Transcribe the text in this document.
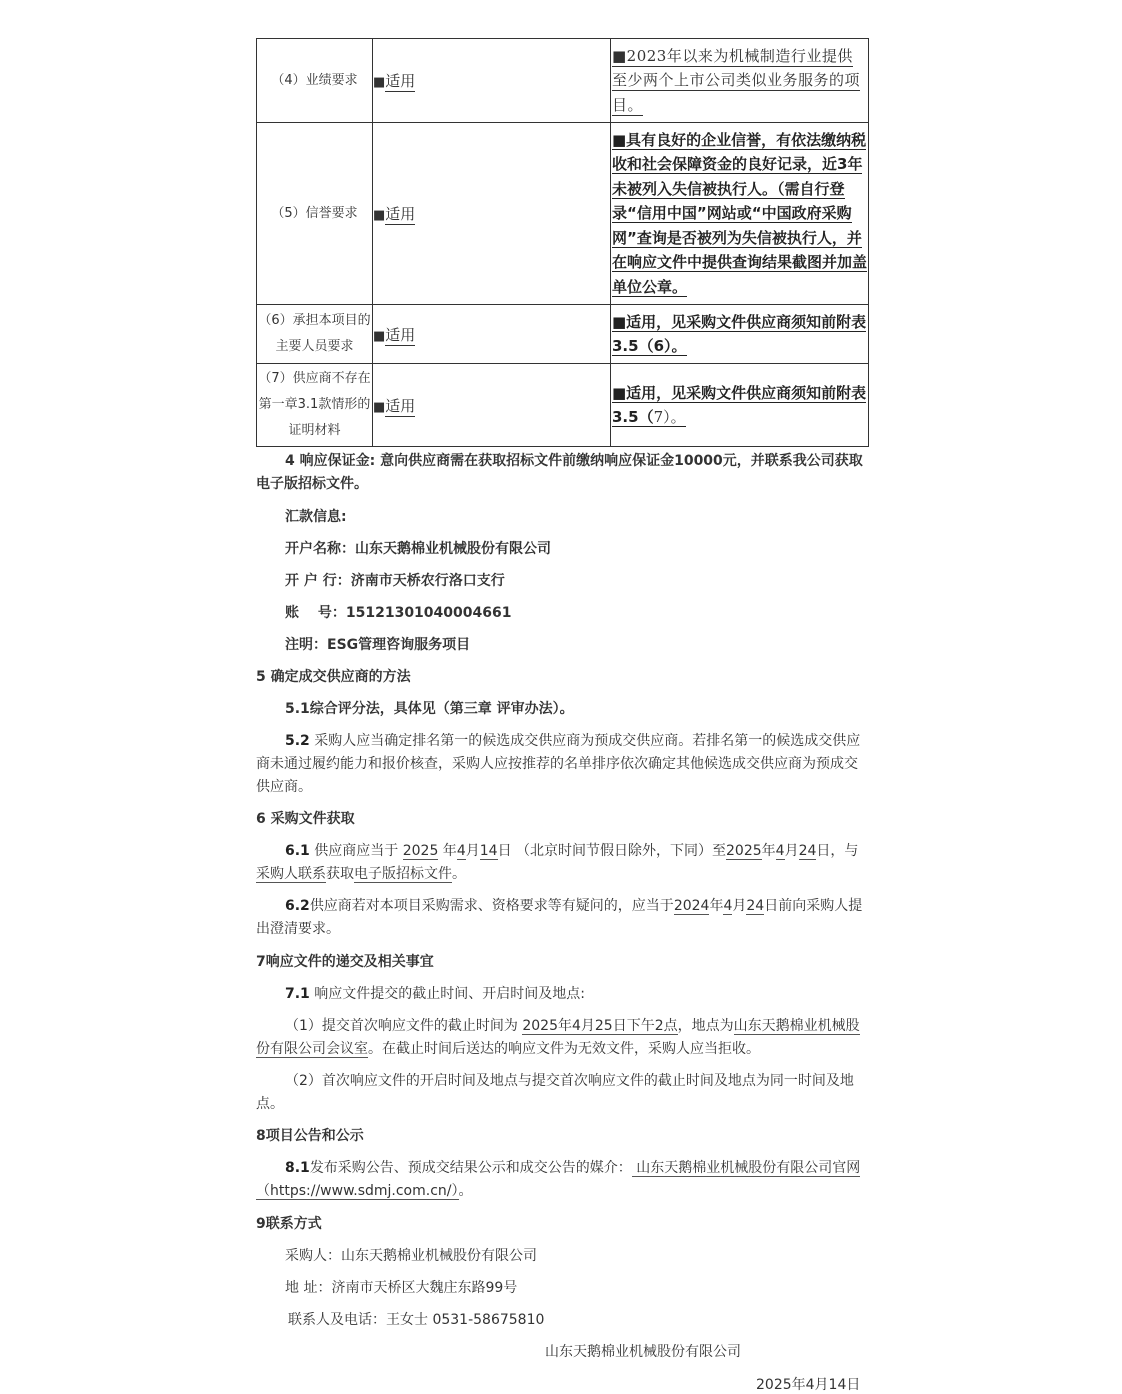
（4）业绩要求	■适用	■2023年以来为机械制造行业提供至少两个上市公司类似业务服务的项目。
（5）信誉要求	■适用	■具有良好的企业信誉，有依法缴纳税收和社会保障资金的良好记录，近3年未被列入失信被执行人。（需自行登录“信用中国”网站或“中国政府采购网”查询是否被列为失信被执行人，并在响应文件中提供查询结果截图并加盖单位公章。
（6）承担本项目的
主要人员要求	■适用	■适用，见采购文件供应商须知前附表3.5（6）。
（7）供应商不存在
第一章3.1款情形的
证明材料	■适用	■适用，见采购文件供应商须知前附表3.5（7）。

4 响应保证金: 意向供应商需在获取招标文件前缴纳响应保证金10000元，并联系我公司获取电子版招标文件。

汇款信息:
开户名称：山东天鹅棉业机械股份有限公司
开 户 行：济南市天桥农行洛口支行
账　 号：15121301040004661
注明：ESG管理咨询服务项目
5 确定成交供应商的方法
5.1综合评分法，具体见（第三章 评审办法）。

5.2 采购人应当确定排名第一的候选成交供应商为预成交供应商。若排名第一的候选成交供应商未通过履约能力和报价核查，采购人应按推荐的名单排序依次确定其他候选成交供应商为预成交供应商。

6 采购文件获取

6.1 供应商应当于 2025 年4月14日 （北京时间节假日除外，下同）至2025年4月24日，与采购人联系获取电子版招标文件。

6.2供应商若对本项目采购需求、资格要求等有疑问的，应当于2024年4月24日前向采购人提出澄清要求。

7响应文件的递交及相关事宜

7.1 响应文件提交的截止时间、开启时间及地点:

（1）提交首次响应文件的截止时间为 2025年4月25日下午2点，地点为山东天鹅棉业机械股份有限公司会议室。在截止时间后送达的响应文件为无效文件，采购人应当拒收。

（2）首次响应文件的开启时间及地点与提交首次响应文件的截止时间及地点为同一时间及地点。

8项目公告和公示

8.1发布采购公告、预成交结果公示和成交公告的媒介： 山东天鹅棉业机械股份有限公司官网（https://www.sdmj.com.cn/）。

9联系方式
采购人：山东天鹅棉业机械股份有限公司
地 址：济南市天桥区大魏庄东路99号
联系人及电话：王女士 0531-58675810
山东天鹅棉业机械股份有限公司
2025年4月14日
